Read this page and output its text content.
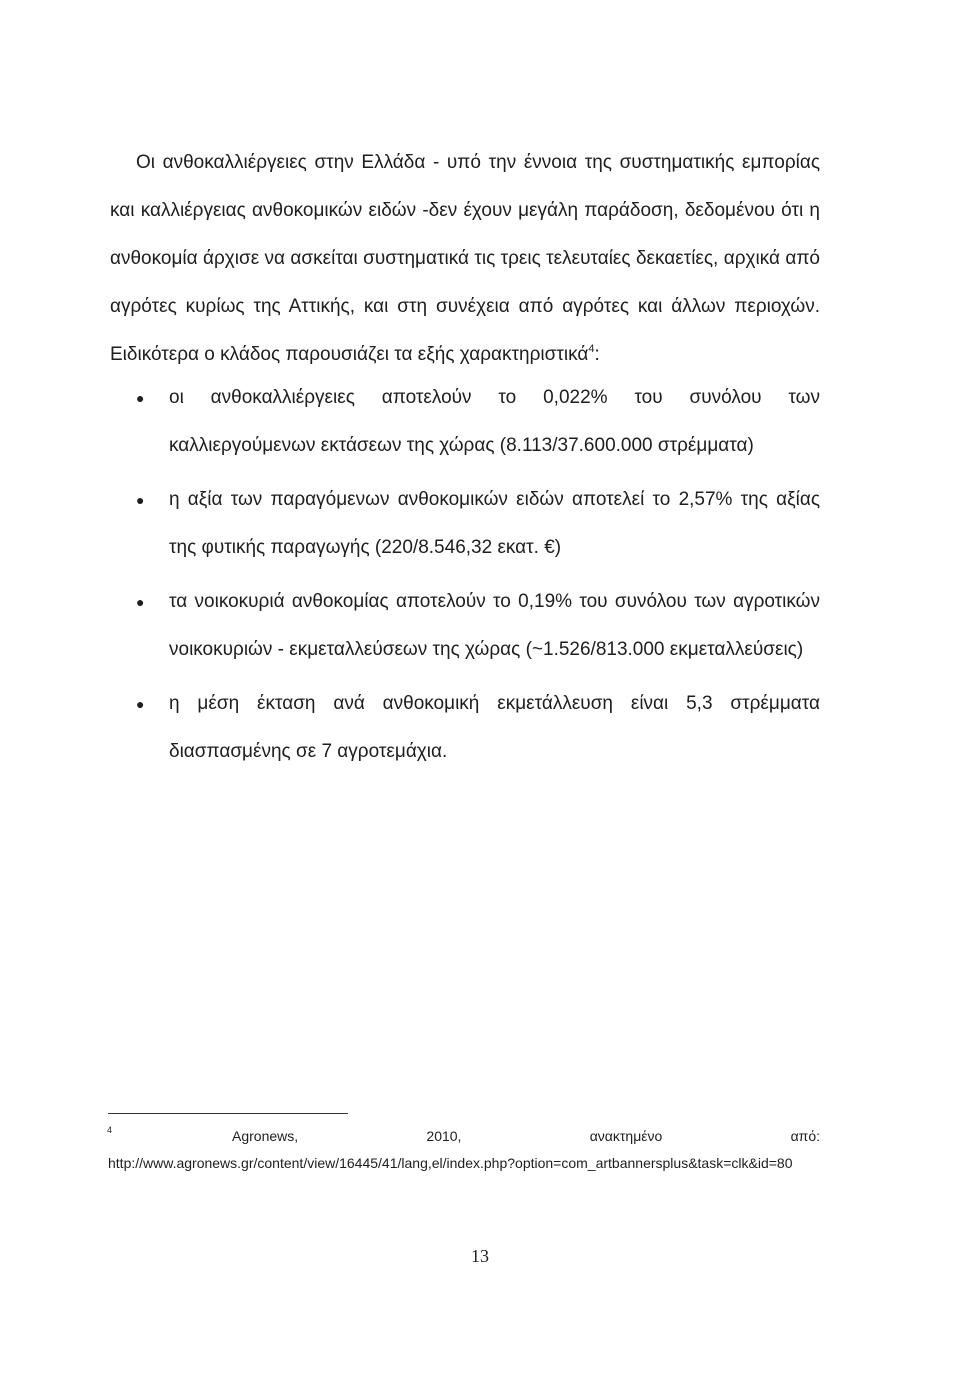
Οι ανθοκαλλιέργειες στην Ελλάδα - υπό την έννοια της συστηματικής εμπορίας και καλλιέργειας ανθοκομικών ειδών -δεν έχουν μεγάλη παράδοση, δεδομένου ότι η ανθοκομία άρχισε να ασκείται συστηματικά τις τρεις τελευταίες δεκαετίες, αρχικά από αγρότες κυρίως της Αττικής, και στη συνέχεια από αγρότες και άλλων περιοχών. Ειδικότερα ο κλάδος παρουσιάζει τα εξής χαρακτηριστικά$^4$:

● οι ανθοκαλλιέργειες αποτελούν το 0,022% του συνόλου των καλλιεργούμενων εκτάσεων της χώρας (8.113/37.600.000 στρέμματα)
● η αξία των παραγόμενων ανθοκομικών ειδών αποτελεί το 2,57% της αξίας της φυτικής παραγωγής (220/8.546,32 εκατ. €)
● τα νοικοκυριά ανθοκομίας αποτελούν το 0,19% του συνόλου των αγροτικών νοικοκυριών - εκμεταλλεύσεων της χώρας (~1.526/813.000 εκμεταλλεύσεις)
● η μέση έκταση ανά ανθοκομική εκμετάλλευση είναι 5,3 στρέμματα διασπασμένης σε 7 αγροτεμάχια.
4	Agronews,	2010,	ανακτημένο	από:
http://www.agronews.gr/content/view/16445/41/lang,el/index.php?option=com_artbannersplus&task=clk&id=80
13
